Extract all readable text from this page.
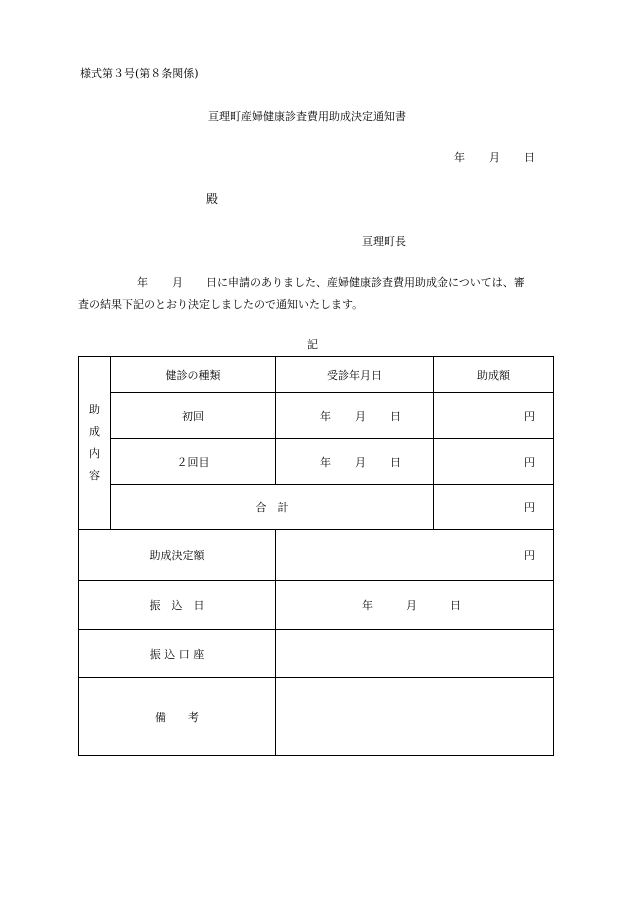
様式第３号(第８条関係)
亘理町産婦健康診査費用助成決定通知書
年 月 日
殿
亘理町長
年 月 日に申請のありました、産婦健康診査費用助成金については、審
査の結果下記のとおり決定しましたので通知いたします。
記
助
成
内
容	健診の種類	受診年月日	助成額
	初回	年 月 日	円
	２回目	年 月 日	円
	合　計		円
助成決定額		円	
振　込　日		年 月 日	

振 込 口 座			
備　　考			
